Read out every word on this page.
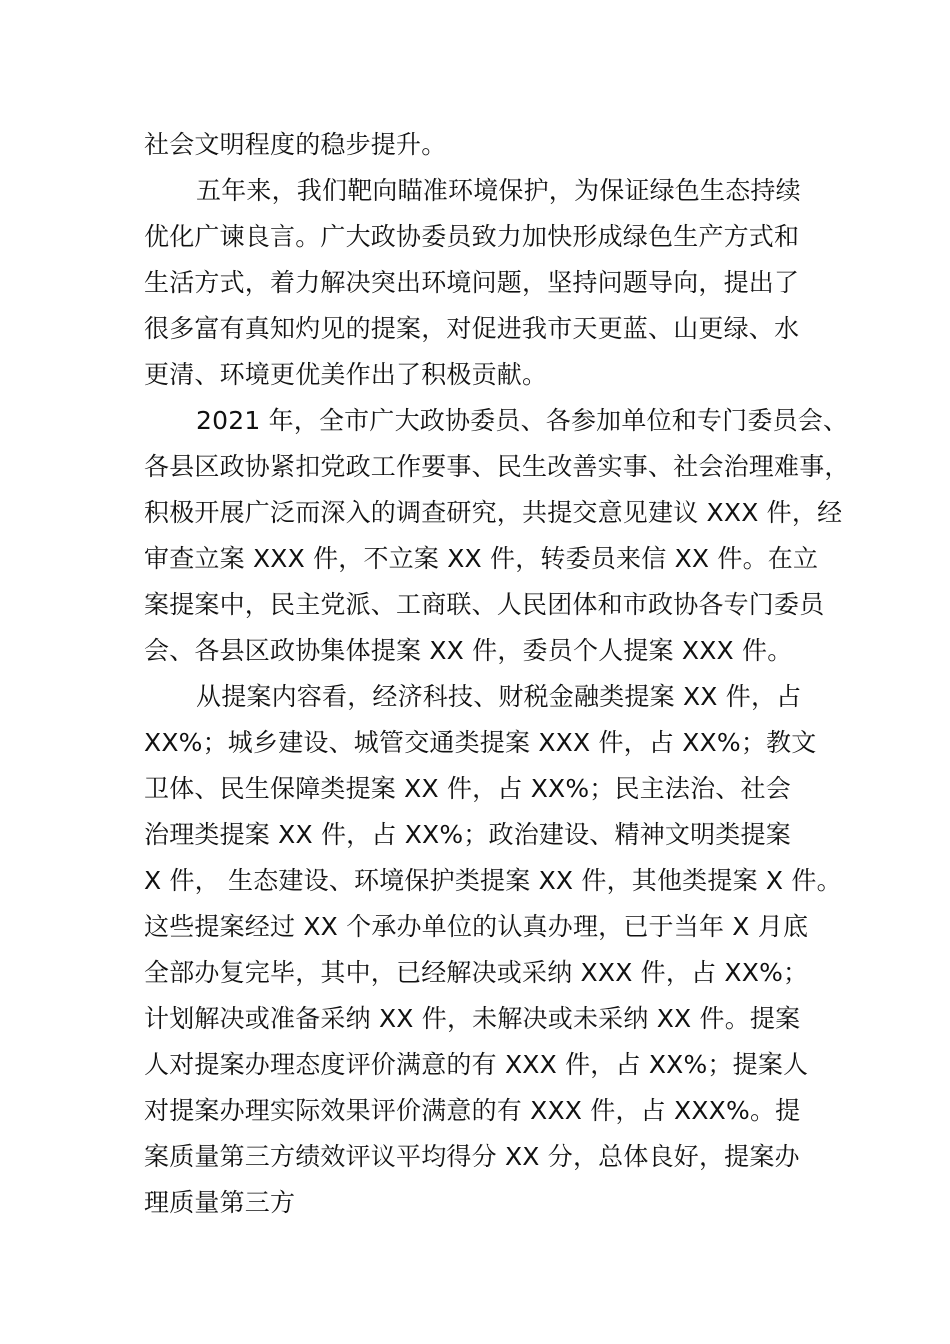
社会文明程度的稳步提升。
五年来，我们靶向瞄准环境保护，为保证绿色生态持续
优化广谏良言。广大政协委员致力加快形成绿色生产方式和
生活方式，着力解决突出环境问题，坚持问题导向，提出了
很多富有真知灼见的提案，对促进我市天更蓝、山更绿、水
更清、环境更优美作出了积极贡献。
2021 年，全市广大政协委员、各参加单位和专门委员会、
各县区政协紧扣党政工作要事、民生改善实事、社会治理难事，
积极开展广泛而深入的调查研究，共提交意见建议 XXX 件，经
审查立案 XXX 件，不立案 XX 件，转委员来信 XX 件。在立
案提案中，民主党派、工商联、人民团体和市政协各专门委员
会、各县区政协集体提案 XX 件，委员个人提案 XXX 件。
从提案内容看，经济科技、财税金融类提案 XX 件，占
XX%；城乡建设、城管交通类提案 XXX 件，占 XX%；教文
卫体、民生保障类提案 XX 件，占 XX%；民主法治、社会
治理类提案 XX 件，占 XX%；政治建设、精神文明类提案
X 件， 生态建设、环境保护类提案 XX 件，其他类提案 X 件。
这些提案经过 XX 个承办单位的认真办理，已于当年 X 月底
全部办复完毕，其中，已经解决或采纳 XXX 件，占 XX%；
计划解决或准备采纳 XX 件，未解决或未采纳 XX 件。提案
人对提案办理态度评价满意的有 XXX 件，占 XX%；提案人
对提案办理实际效果评价满意的有 XXX 件，占 XXX%。提
案质量第三方绩效评议平均得分 XX 分，总体良好，提案办
理质量第三方
